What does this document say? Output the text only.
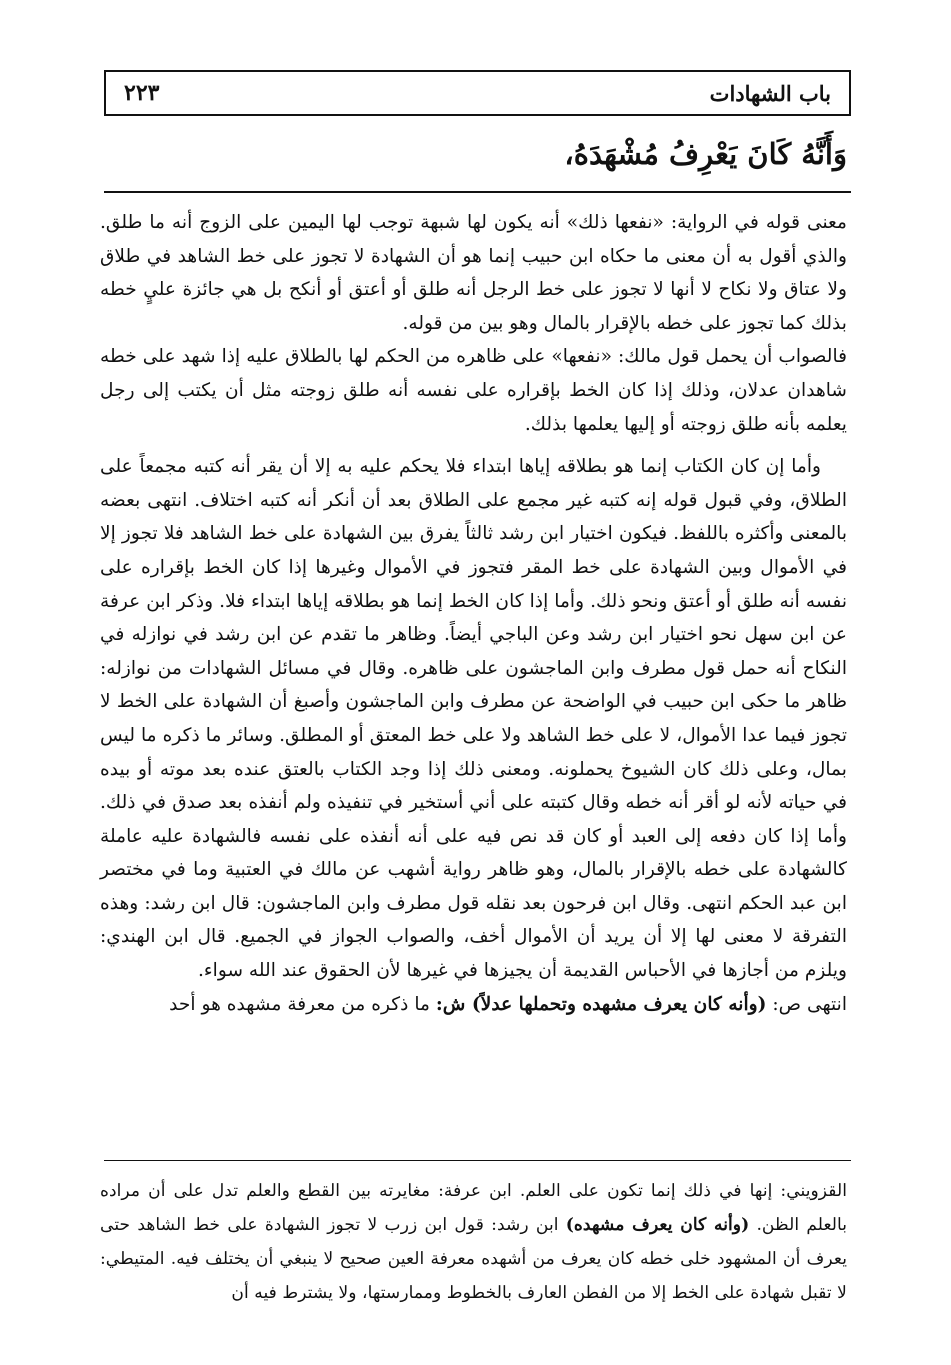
باب الشهادات
٢٢٣
وَأَنَّهُ كَانَ يَعْرِفُ مُشْهَدَهُ،

معنى قوله في الرواية: «نفعها ذلك» أنه يكون لها شبهة توجب لها اليمين على الزوج أنه ما طلق. والذي أقول به أن معنى ما حكاه ابن حبيب إنما هو أن الشهادة لا تجوز على خط الشاهد في طلاق ولا عتاق ولا نكاح لا أنها لا تجوز على خط الرجل أنه طلق أو أعتق أو أنكح بل هي جائزة عليٍ خطه بذلك كما تجوز على خطه بالإقرار بالمال وهو بين من قوله.

فالصواب أن يحمل قول مالك: «نفعها» على ظاهره من الحكم لها بالطلاق عليه إذا شهد على خطه شاهدان عدلان، وذلك إذا كان الخط بإقراره على نفسه أنه طلق زوجته مثل أن يكتب إلى رجل يعلمه بأنه طلق زوجته أو إليها يعلمها بذلك.

وأما إن كان الكتاب إنما هو بطلاقه إياها ابتداء فلا يحكم عليه به إلا أن يقر أنه كتبه مجمعاً على الطلاق، وفي قبول قوله إنه كتبه غير مجمع على الطلاق بعد أن أنكر أنه كتبه اختلاف. انتهى بعضه بالمعنى وأكثره باللفظ. فيكون اختيار ابن رشد ثالثاً يفرق بين الشهادة على خط الشاهد فلا تجوز إلا في الأموال وبين الشهادة على خط المقر فتجوز في الأموال وغيرها إذا كان الخط بإقراره على نفسه أنه طلق أو أعتق ونحو ذلك. وأما إذا كان الخط إنما هو بطلاقه إياها ابتداء فلا. وذكر ابن عرفة عن ابن سهل نحو اختيار ابن رشد وعن الباجي أيضاً. وظاهر ما تقدم عن ابن رشد في نوازله في النكاح أنه حمل قول مطرف وابن الماجشون على ظاهره. وقال في مسائل الشهادات من نوازله: ظاهر ما حكى ابن حبيب في الواضحة عن مطرف وابن الماجشون وأصبغ أن الشهادة على الخط لا تجوز فيما عدا الأموال، لا على خط الشاهد ولا على خط المعتق أو المطلق. وسائر ما ذكره ما ليس بمال، وعلى ذلك كان الشيوخ يحملونه. ومعنى ذلك إذا وجد الكتاب بالعتق عنده بعد موته أو بيده في حياته لأنه لو أقر أنه خطه وقال كتبته على أني أستخير في تنفيذه ولم أنفذه بعد صدق في ذلك. وأما إذا كان دفعه إلى العبد أو كان قد نص فيه على أنه أنفذه على نفسه فالشهادة عليه عاملة كالشهادة على خطه بالإقرار بالمال، وهو ظاهر رواية أشهب عن مالك في العتبية وما في مختصر ابن عبد الحكم انتهى. وقال ابن فرحون بعد نقله قول مطرف وابن الماجشون: قال ابن رشد: وهذه التفرقة لا معنى لها إلا أن يريد أن الأموال أخف، والصواب الجواز في الجميع. قال ابن الهندي: ويلزم من أجازها في الأحباس القديمة أن يجيزها في غيرها لأن الحقوق عند الله سواء.

انتهى ص: (وأنه كان يعرف مشهده وتحملها عدلاً) ش: ما ذكره من معرفة مشهده هو أحد

القزويني: إنها في ذلك إنما تكون على العلم. ابن عرفة: مغايرته بين القطع والعلم تدل على أن مراده بالعلم الظن. (وأنه كان يعرف مشهده) ابن رشد: قول ابن زرب لا تجوز الشهادة على خط الشاهد حتى يعرف أن المشهود خلى خطه كان يعرف من أشهده معرفة العين صحيح لا ينبغي أن يختلف فيه. المتيطي: لا تقبل شهادة على الخط إلا من الفطن العارف بالخطوط وممارستها، ولا يشترط فيه أن
